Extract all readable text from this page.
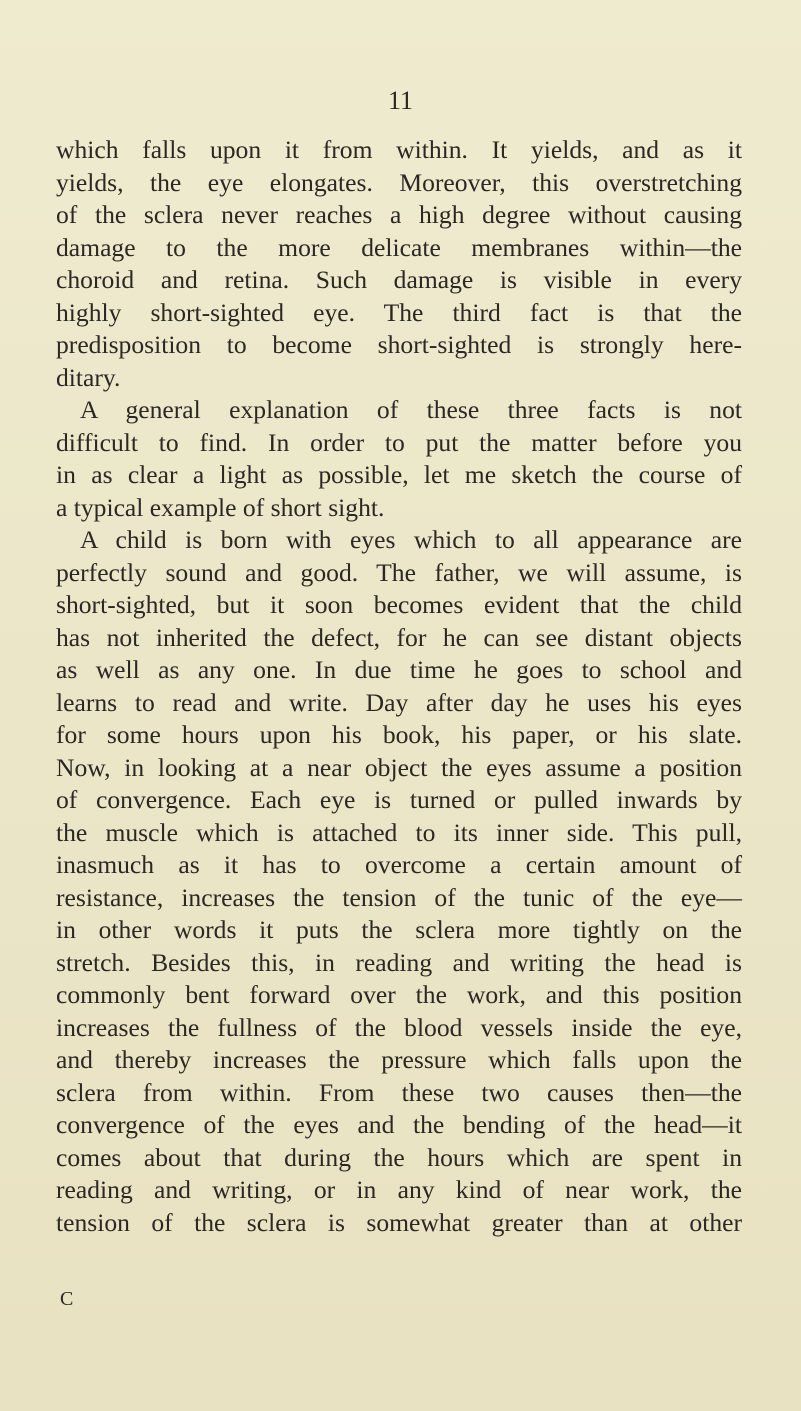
11

which falls upon it from within. It yields, and as it
yields, the eye elongates. Moreover, this overstretching
of the sclera never reaches a high degree without causing
damage to the more delicate membranes within—the
choroid and retina. Such damage is visible in every
highly short-sighted eye. The third fact is that the
predisposition to become short-sighted is strongly here-
ditary.
A general explanation of these three facts is not
difficult to find. In order to put the matter before you
in as clear a light as possible, let me sketch the course of
a typical example of short sight.
A child is born with eyes which to all appearance are
perfectly sound and good. The father, we will assume, is
short-sighted, but it soon becomes evident that the child
has not inherited the defect, for he can see distant objects
as well as any one. In due time he goes to school and
learns to read and write. Day after day he uses his eyes
for some hours upon his book, his paper, or his slate.
Now, in looking at a near object the eyes assume a position
of convergence. Each eye is turned or pulled inwards by
the muscle which is attached to its inner side. This pull,
inasmuch as it has to overcome a certain amount of
resistance, increases the tension of the tunic of the eye—
in other words it puts the sclera more tightly on the
stretch. Besides this, in reading and writing the head is
commonly bent forward over the work, and this position
increases the fullness of the blood vessels inside the eye,
and thereby increases the pressure which falls upon the
sclera from within. From these two causes then—the
convergence of the eyes and the bending of the head—it
comes about that during the hours which are spent in
reading and writing, or in any kind of near work, the
tension of the sclera is somewhat greater than at other

C
